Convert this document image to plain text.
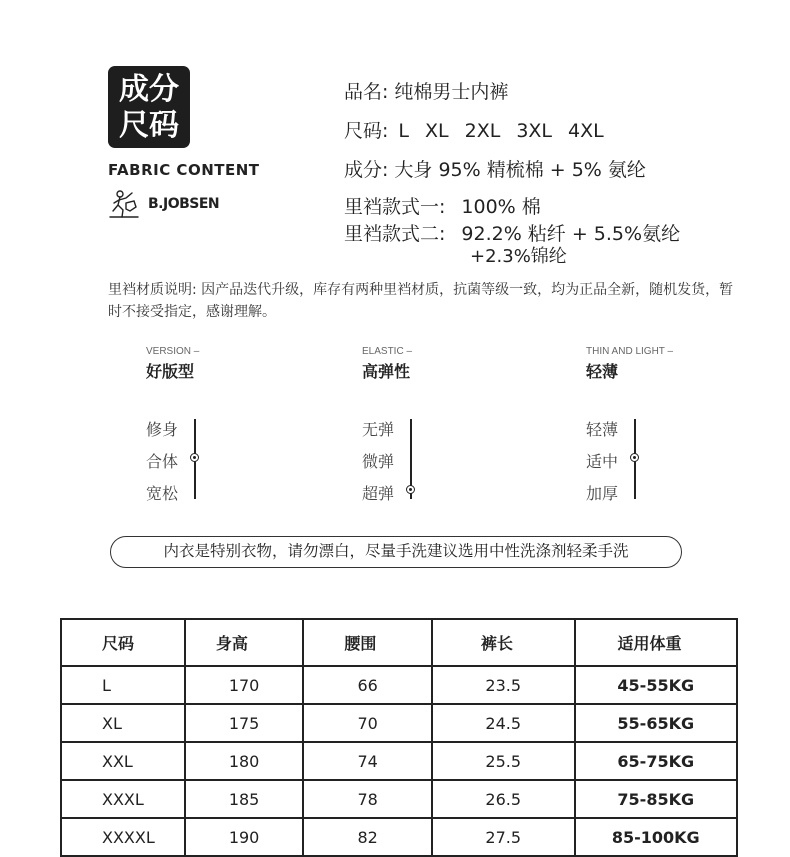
成分
尺码
FABRIC CONTENT
B.JOBSEN
品名: 纯棉男士内裤
尺码: L XL 2XL 3XL 4XL
成分: 大身 95% 精梳棉 + 5% 氨纶
里裆款式一: 100% 棉
里裆款式二: 92.2% 粘纤 + 5.5%氨纶
+2.3%锦纶
里裆材质说明: 因产品迭代升级，库存有两种里裆材质，抗菌等级一致，均为正品全新，随机发货，暂时不接受指定，感谢理解。
VERSION –
好版型
ELASTIC –
高弹性
THIN AND LIGHT –
轻薄
修身
合体
宽松
无弹
微弹
超弹
轻薄
适中
加厚
内衣是特别衣物，请勿漂白，尽量手洗建议选用中性洗涤剂轻柔手洗
尺码	身高	腰围	裤长	适用体重
L	170	66	23.5	45-55KG
XL	175	70	24.5	55-65KG
XXL	180	74	25.5	65-75KG
XXXL	185	78	26.5	75-85KG
XXXXL	190	82	27.5	85-100KG
